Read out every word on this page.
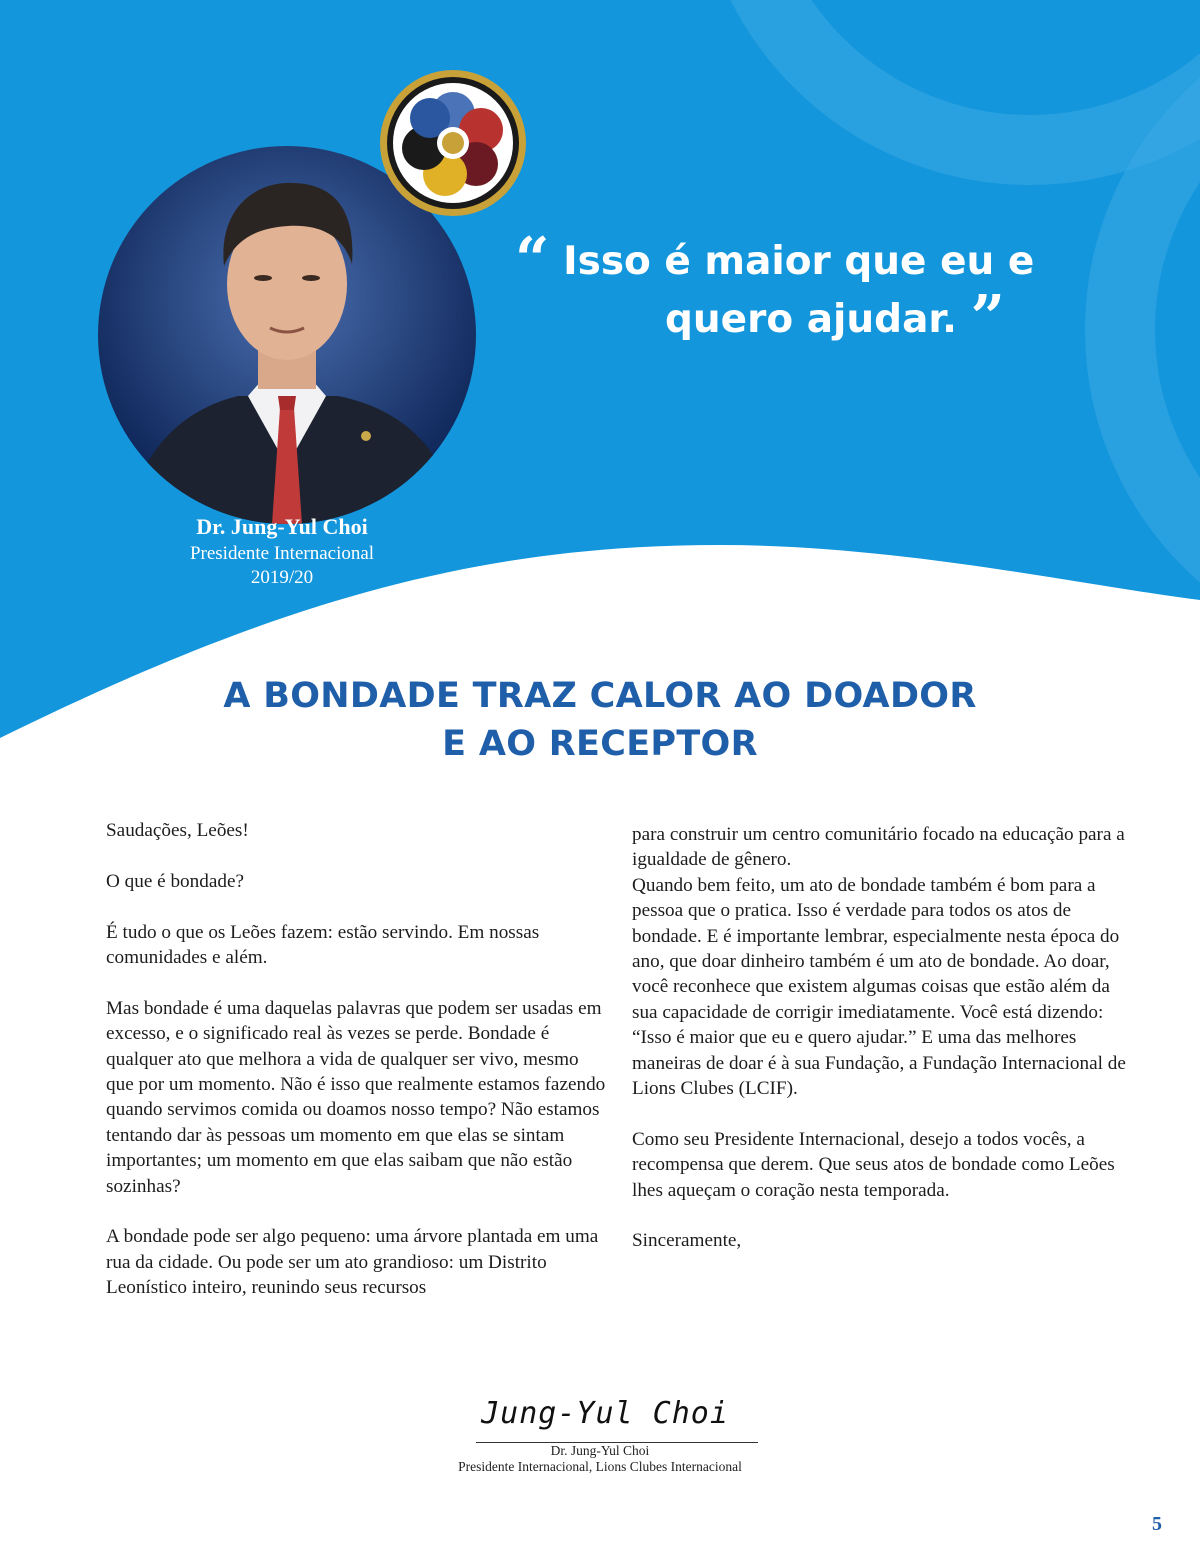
“ Isso é maior que eu e
quero ajudar. ”
Dr. Jung-Yul Choi
Presidente Internacional
2019/20
A BONDADE TRAZ CALOR AO DOADOR
E AO RECEPTOR

Saudações, Leões!

O que é bondade?

É tudo o que os Leões fazem: estão servindo. Em nossas comunidades e além.

Mas bondade é uma daquelas palavras que podem ser usadas em excesso, e o significado real às vezes se perde. Bondade é qualquer ato que melhora a vida de qualquer ser vivo, mesmo que por um momento. Não é isso que realmente estamos fazendo quando servimos comida ou doamos nosso tempo? Não estamos tentando dar às pessoas um momento em que elas se sintam importantes; um momento em que elas saibam que não estão sozinhas?

A bondade pode ser algo pequeno: uma árvore plantada em uma rua da cidade. Ou pode ser um ato grandioso: um Distrito Leonístico inteiro, reunindo seus recursos

para construir um centro comunitário focado na educação para a igualdade de gênero.

Quando bem feito, um ato de bondade também é bom para a pessoa que o pratica. Isso é verdade para todos os atos de bondade. E é importante lembrar, especialmente nesta época do ano, que doar dinheiro também é um ato de bondade. Ao doar, você reconhece que existem algumas coisas que estão além da sua capacidade de corrigir imediatamente. Você está dizendo: “Isso é maior que eu e quero ajudar.” E uma das melhores maneiras de doar é à sua Fundação, a Fundação Internacional de Lions Clubes (LCIF).

Como seu Presidente Internacional, desejo a todos vocês, a recompensa que derem. Que seus atos de bondade como Leões lhes aqueçam o coração nesta temporada.

Sinceramente,

Jung-Yul Choi
Dr. Jung-Yul Choi
Presidente Internacional, Lions Clubes Internacional
5
